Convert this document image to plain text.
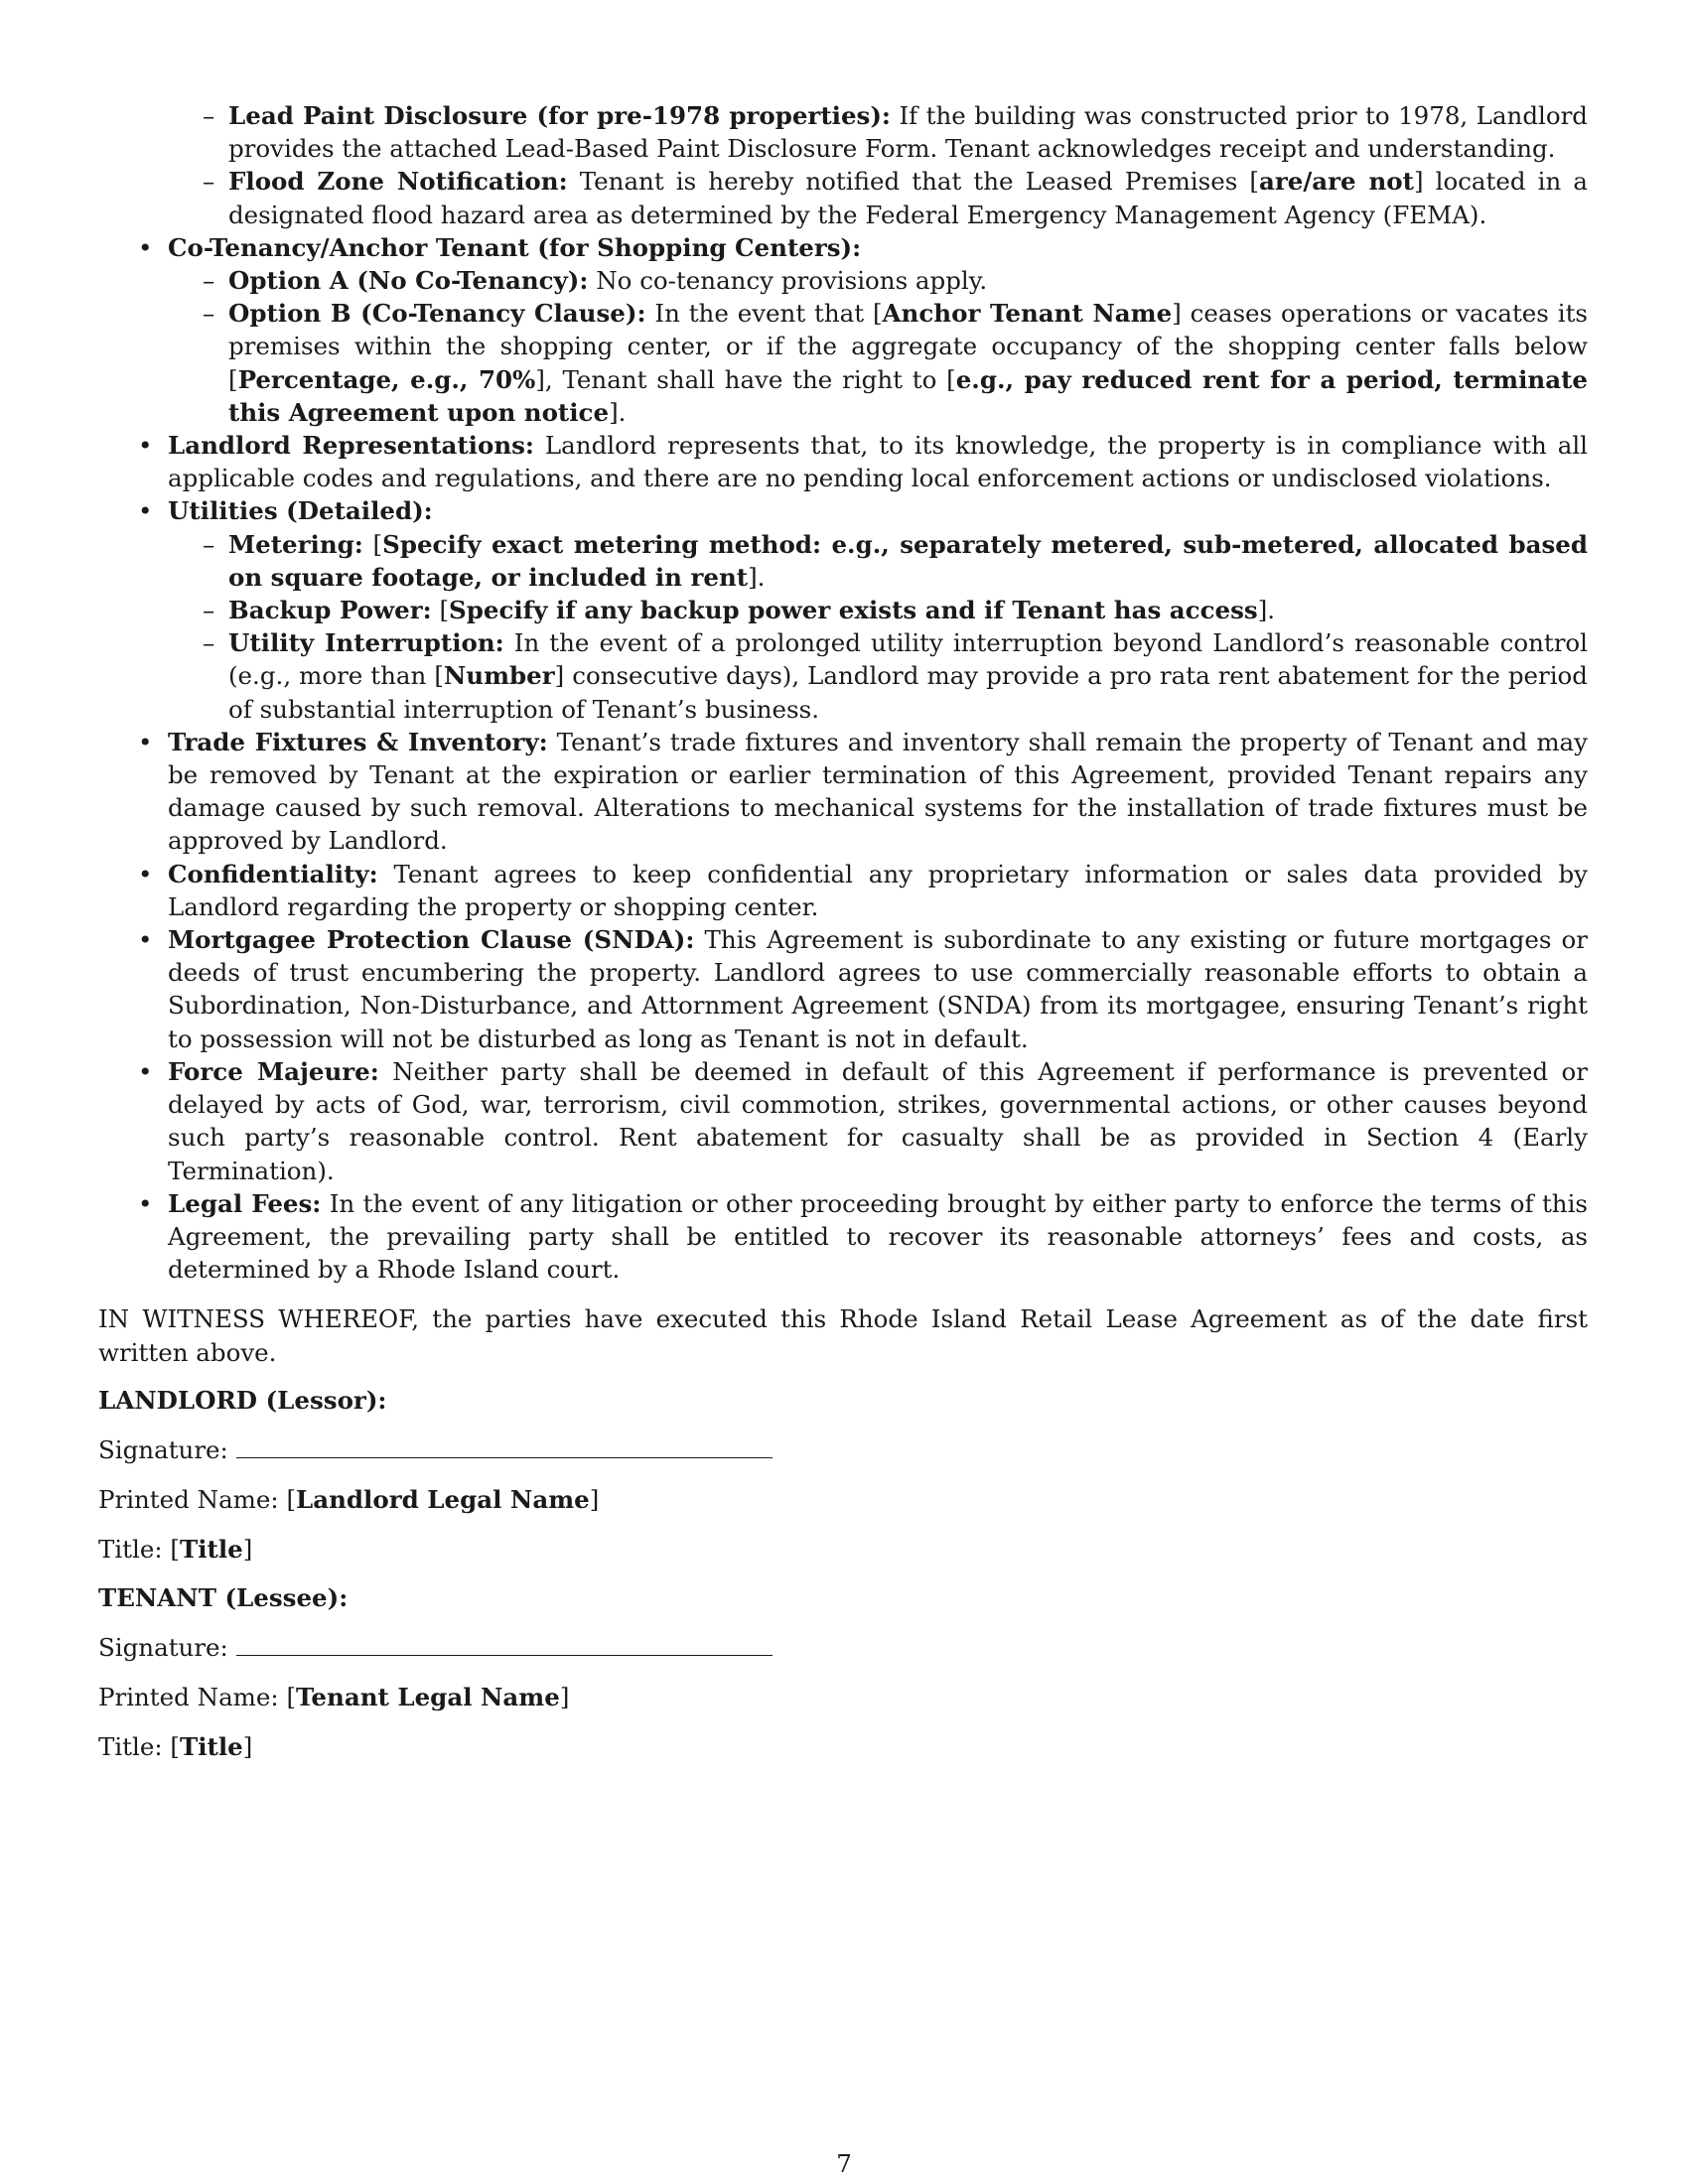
– Lead Paint Disclosure (for pre-1978 properties): If the building was constructed prior to 1978, Landlord provides the attached Lead-Based Paint Disclosure Form. Tenant acknowledges receipt and understanding.
– Flood Zone Notification: Tenant is hereby notified that the Leased Premises [are/are not] located in a designated flood hazard area as determined by the Federal Emergency Management Agency (FEMA).
• Co-Tenancy/Anchor Tenant (for Shopping Centers):
– Option A (No Co-Tenancy): No co-tenancy provisions apply.
– Option B (Co-Tenancy Clause): In the event that [Anchor Tenant Name] ceases operations or vacates its premises within the shopping center, or if the aggregate occupancy of the shopping center falls below [Percentage, e.g., 70%], Tenant shall have the right to [e.g., pay reduced rent for a period, terminate this Agreement upon notice].
• Landlord Representations: Landlord represents that, to its knowledge, the property is in compliance with all applicable codes and regulations, and there are no pending local enforcement actions or undisclosed violations.
• Utilities (Detailed):
– Metering: [Specify exact metering method: e.g., separately metered, sub-metered, allocated based on square footage, or included in rent].
– Backup Power: [Specify if any backup power exists and if Tenant has access].
– Utility Interruption: In the event of a prolonged utility interruption beyond Landlord’s reasonable control (e.g., more than [Number] consecutive days), Landlord may provide a pro rata rent abatement for the period of substantial interruption of Tenant’s business.
• Trade Fixtures & Inventory: Tenant’s trade fixtures and inventory shall remain the property of Tenant and may be removed by Tenant at the expiration or earlier termination of this Agreement, provided Tenant repairs any damage caused by such removal. Alterations to mechanical systems for the installation of trade fixtures must be approved by Landlord.
• Confidentiality: Tenant agrees to keep confidential any proprietary information or sales data provided by Landlord regarding the property or shopping center.
• Mortgagee Protection Clause (SNDA): This Agreement is subordinate to any existing or future mortgages or deeds of trust encumbering the property. Landlord agrees to use commercially reasonable efforts to obtain a Subordination, Non-Disturbance, and Attornment Agreement (SNDA) from its mortgagee, ensuring Tenant’s right to possession will not be disturbed as long as Tenant is not in default.
• Force Majeure: Neither party shall be deemed in default of this Agreement if performance is prevented or delayed by acts of God, war, terrorism, civil commotion, strikes, governmental actions, or other causes beyond such party’s reasonable control. Rent abatement for casualty shall be as provided in Section 4 (Early Termination).
• Legal Fees: In the event of any litigation or other proceeding brought by either party to enforce the terms of this Agreement, the prevailing party shall be entitled to recover its reasonable attorneys’ fees and costs, as determined by a Rhode Island court.
IN WITNESS WHEREOF, the parties have executed this Rhode Island Retail Lease Agreement as of the date first written above.
LANDLORD (Lessor):
Signature:
Printed Name: [Landlord Legal Name]
Title: [Title]
TENANT (Lessee):
Signature:
Printed Name: [Tenant Legal Name]
Title: [Title]
7
